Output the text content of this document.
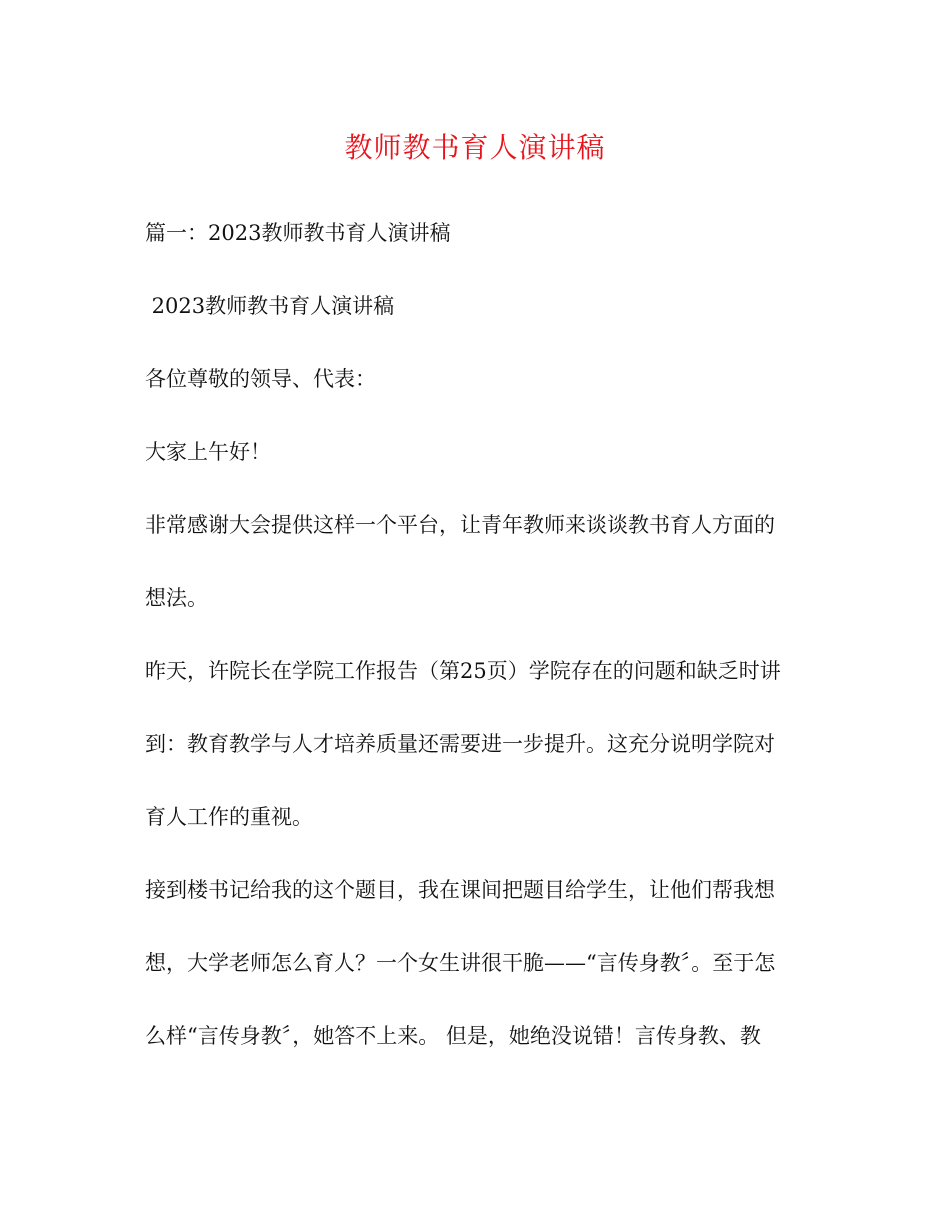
教师教书育人演讲稿
篇一：2023教师教书育人演讲稿
2023教师教书育人演讲稿
各位尊敬的领导、代表：
大家上午好！
非常感谢大会提供这样一个平台，让青年教师来谈谈教书育人方面的
想法。
昨天，许院长在学院工作报告（第25页）学院存在的问题和缺乏时讲
到：教育教学与人才培养质量还需要进一步提升。这充分说明学院对
育人工作的重视。
接到楼书记给我的这个题目，我在课间把题目给学生，让他们帮我想
想，大学老师怎么育人？一个女生讲很干脆——“言传身教〞。至于怎
么样“言传身教〞，她答不上来。 但是，她绝没说错！言传身教、教
